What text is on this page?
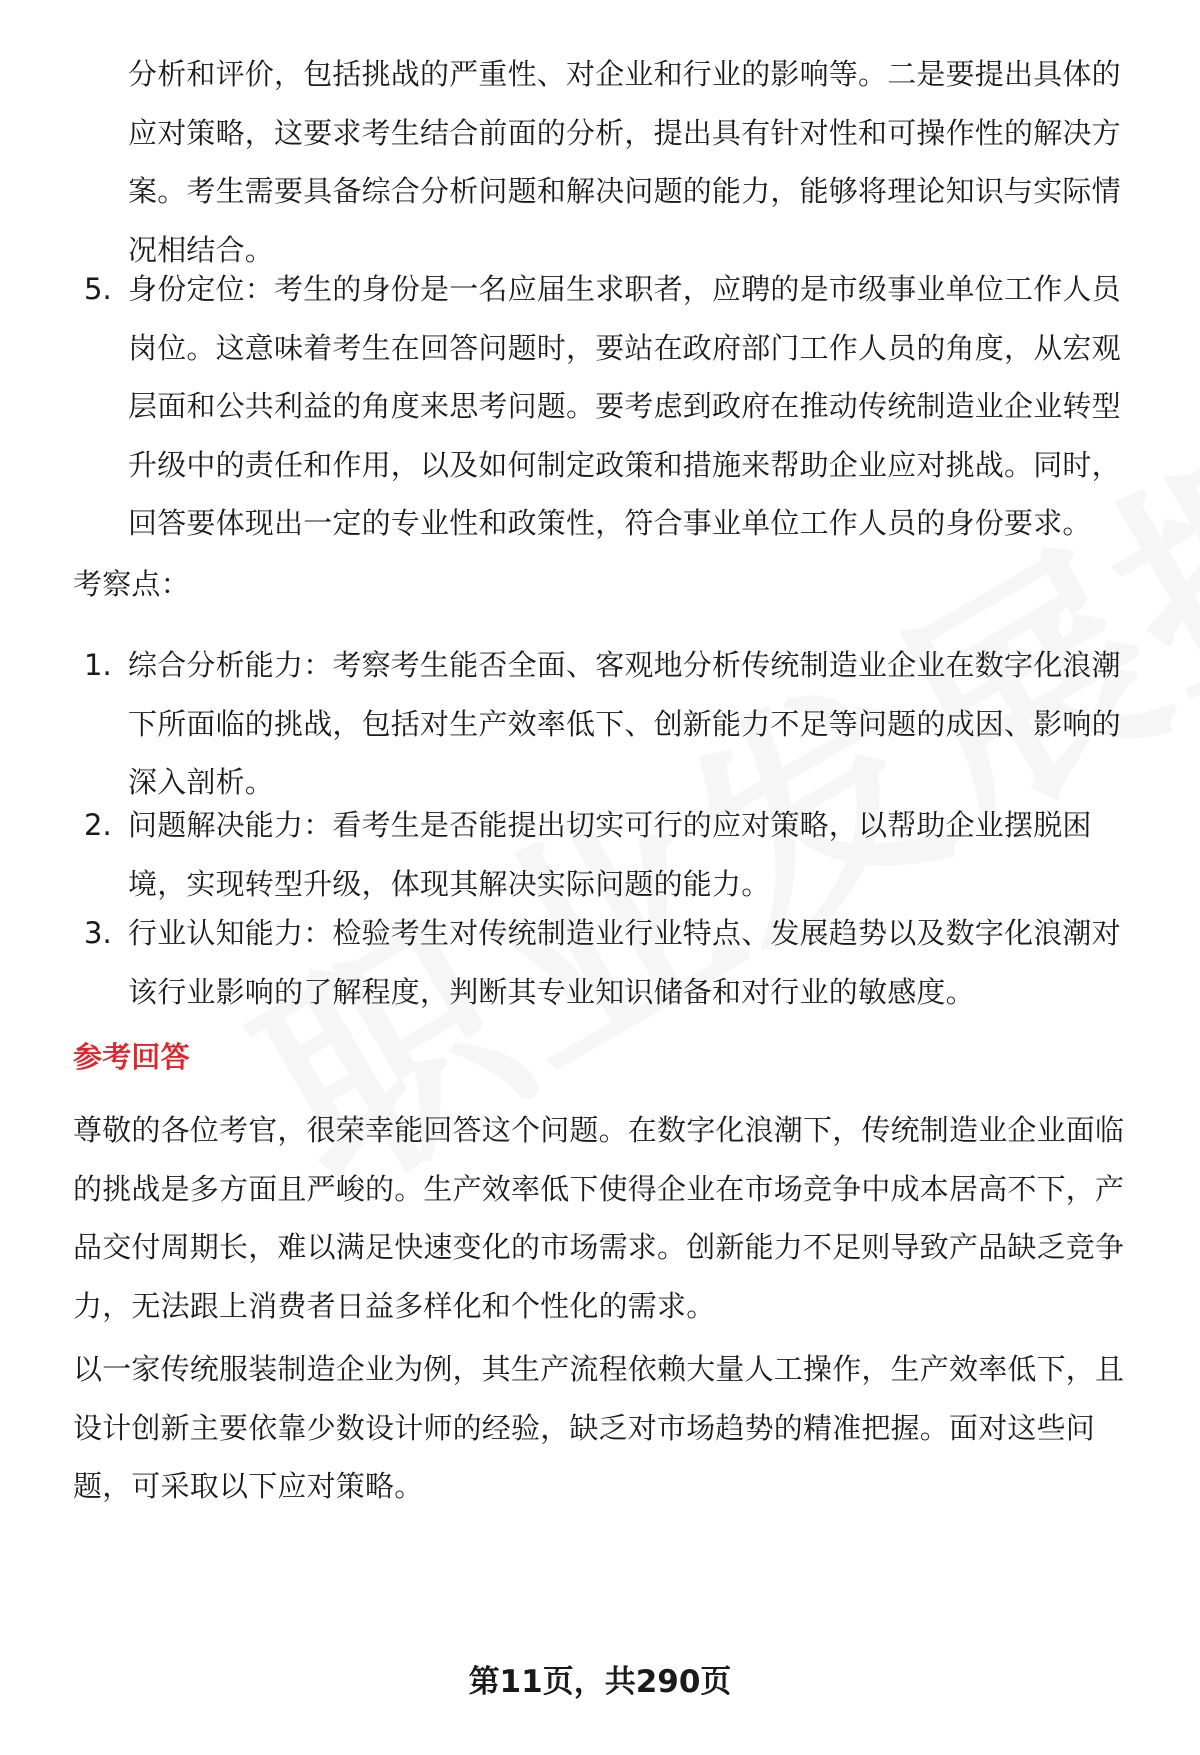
分析和评价，包括挑战的严重性、对企业和行业的影响等。二是要提出具体的应对策略，这要求考生结合前面的分析，提出具有针对性和可操作性的解决方案。考生需要具备综合分析问题和解决问题的能力，能够将理论知识与实际情况相结合。

5. 身份定位：考生的身份是一名应届生求职者，应聘的是市级事业单位工作人员岗位。这意味着考生在回答问题时，要站在政府部门工作人员的角度，从宏观层面和公共利益的角度来思考问题。要考虑到政府在推动传统制造业企业转型升级中的责任和作用，以及如何制定政策和措施来帮助企业应对挑战。同时，回答要体现出一定的专业性和政策性，符合事业单位工作人员的身份要求。

考察点：

1. 综合分析能力：考察考生能否全面、客观地分析传统制造业企业在数字化浪潮下所面临的挑战，包括对生产效率低下、创新能力不足等问题的成因、影响的深入剖析。

2. 问题解决能力：看考生是否能提出切实可行的应对策略，以帮助企业摆脱困境，实现转型升级，体现其解决实际问题的能力。

3. 行业认知能力：检验考生对传统制造业行业特点、发展趋势以及数字化浪潮对该行业影响的了解程度，判断其专业知识储备和对行业的敏感度。

参考回答

尊敬的各位考官，很荣幸能回答这个问题。在数字化浪潮下，传统制造业企业面临的挑战是多方面且严峻的。生产效率低下使得企业在市场竞争中成本居高不下，产品交付周期长，难以满足快速变化的市场需求。创新能力不足则导致产品缺乏竞争力，无法跟上消费者日益多样化和个性化的需求。

以一家传统服装制造企业为例，其生产流程依赖大量人工操作，生产效率低下，且设计创新主要依靠少数设计师的经验，缺乏对市场趋势的精准把握。面对这些问题，可采取以下应对策略。

第11页，共290页
